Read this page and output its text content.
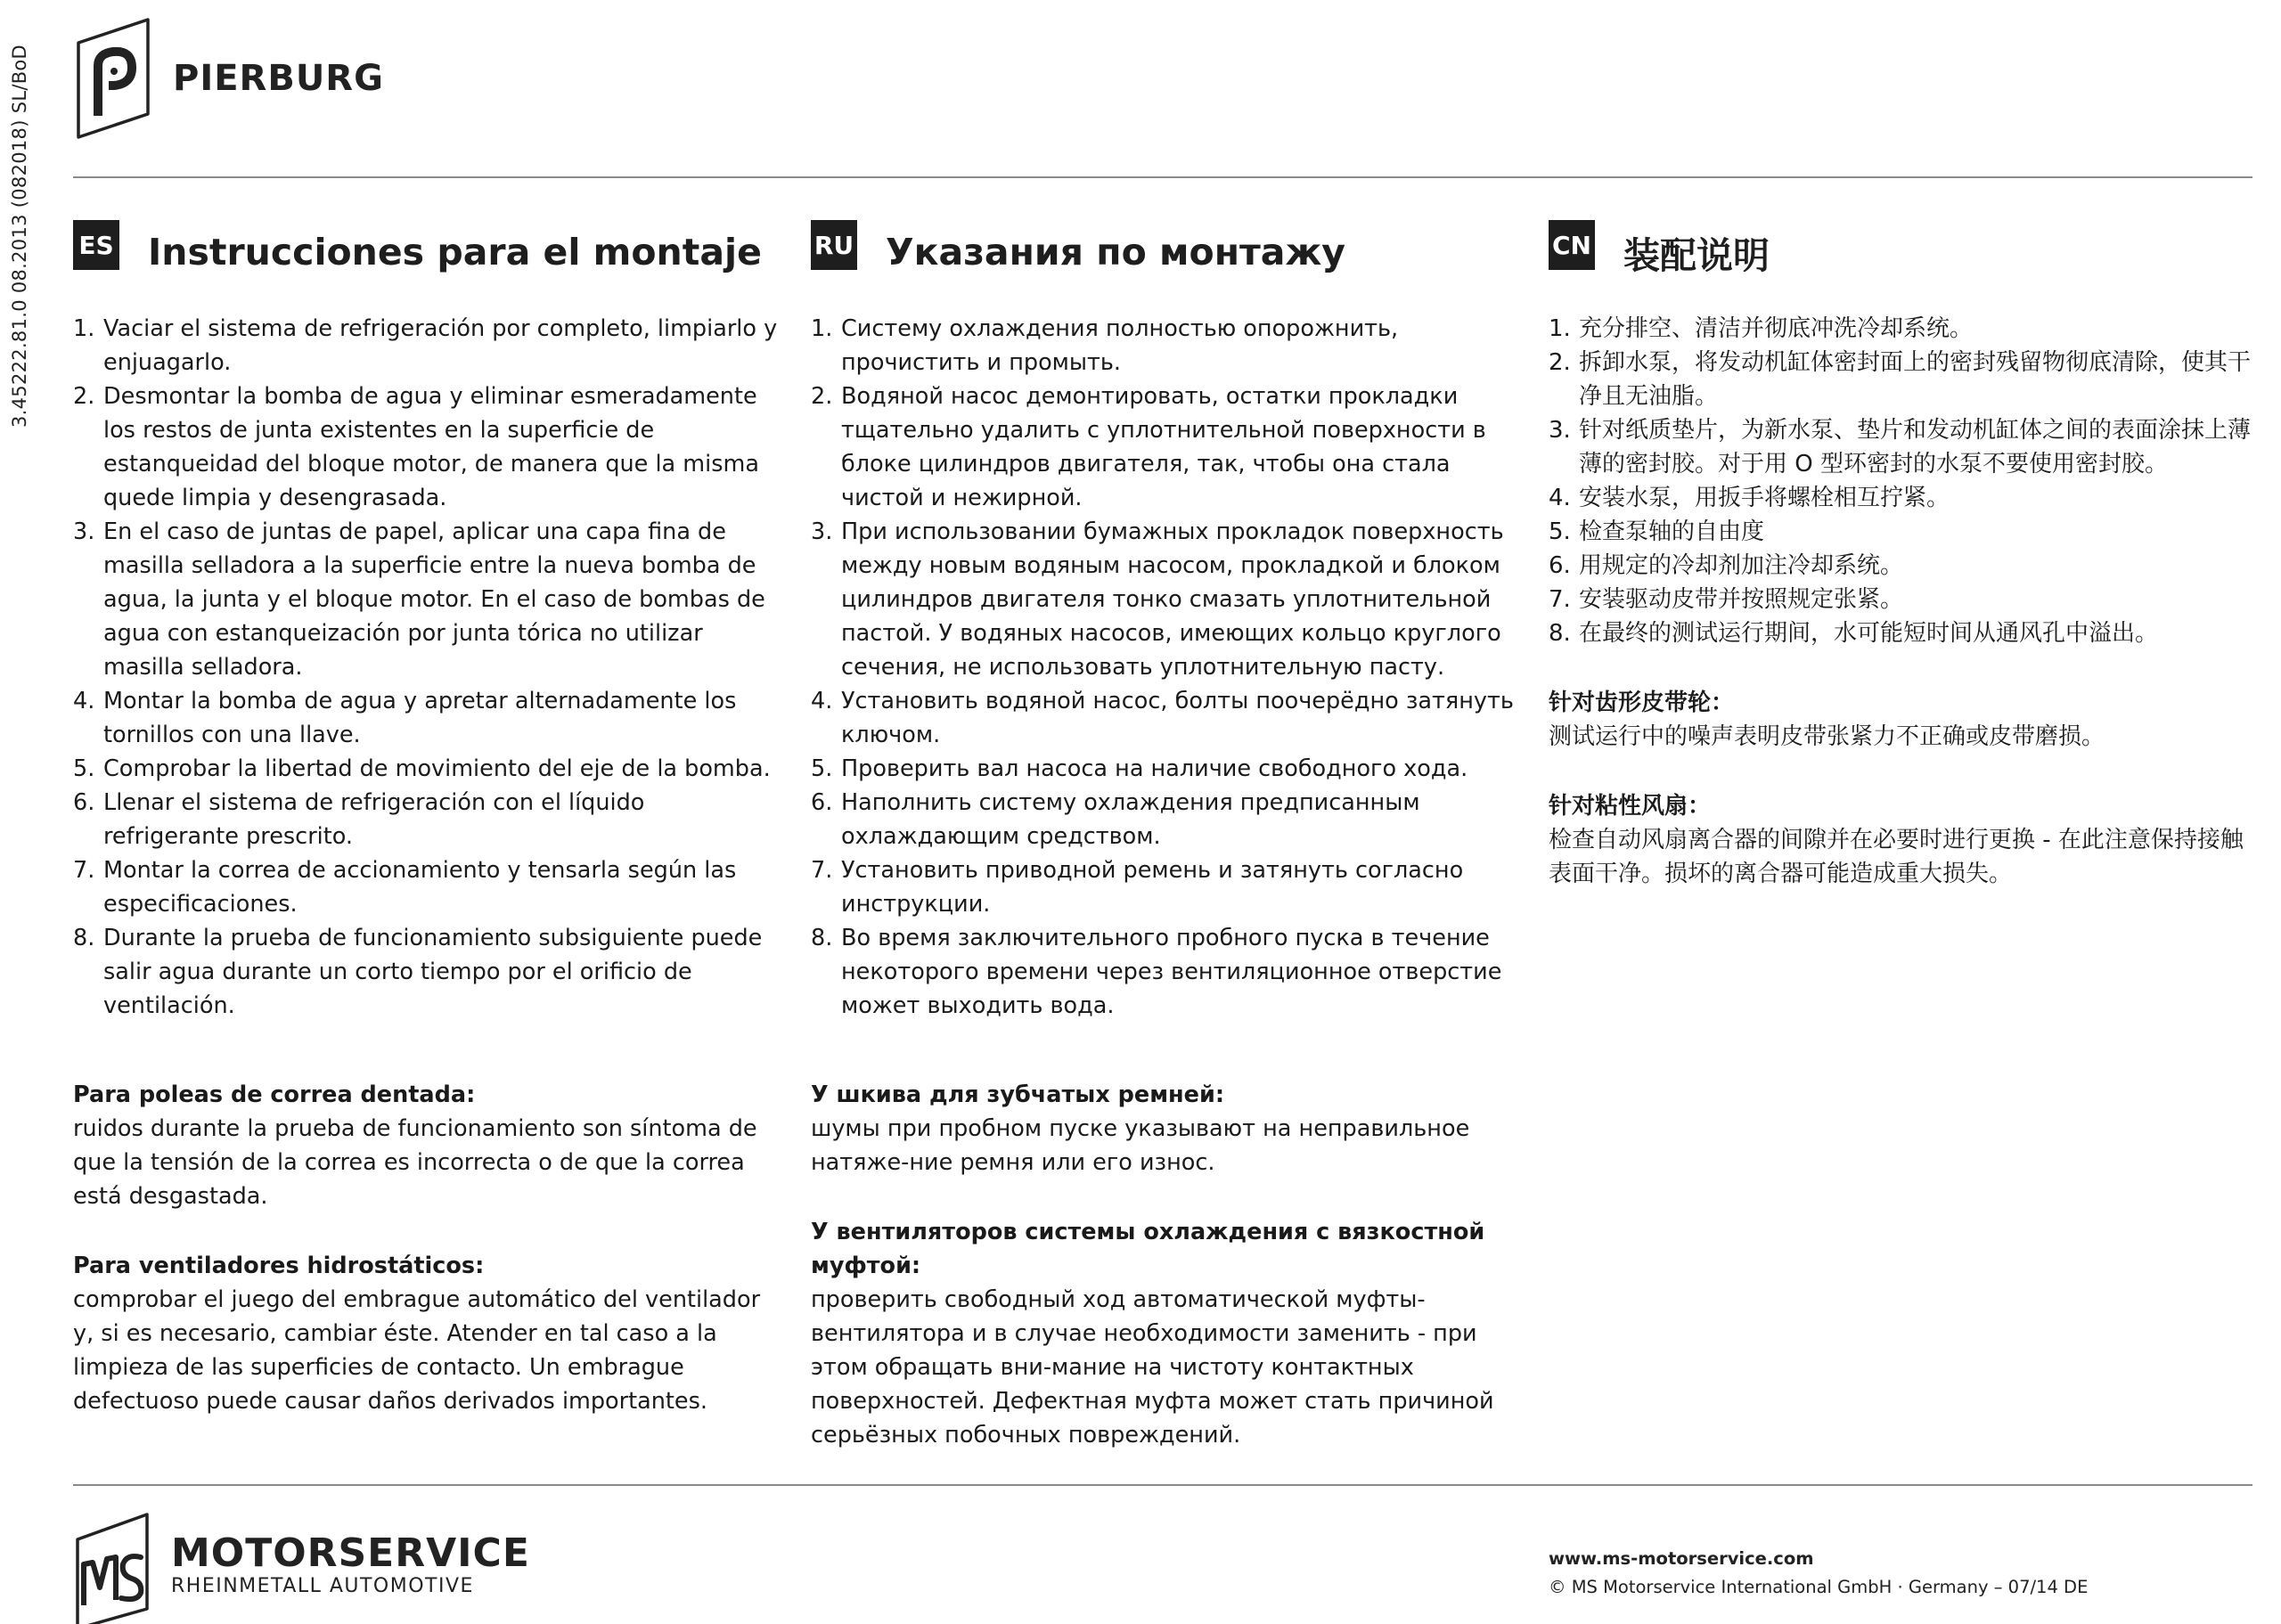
3.45222.81.0 08.2013 (082018) SL/BoD	PIERBURG
ES Instrucciones para el montaje
1. Vaciar el sistema de refrigeración por completo, limpiarlo y enjuagarlo.
2. Desmontar la bomba de agua y eliminar esmeradamente los restos de junta existentes en la superficie de estanqueidad del bloque motor, de manera que la misma quede limpia y desengrasada.
3. En el caso de juntas de papel, aplicar una capa fina de masilla selladora a la superficie entre la nueva bomba de agua, la junta y el bloque motor. En el caso de bombas de agua con estanqueización por junta tórica no utilizar masilla selladora.
4. Montar la bomba de agua y apretar alternadamente los tornillos con una llave.
5. Comprobar la libertad de movimiento del eje de la bomba.
6. Llenar el sistema de refrigeración con el líquido refrigerante prescrito.
7. Montar la correa de accionamiento y tensarla según las especificaciones.
8. Durante la prueba de funcionamiento subsiguiente puede salir agua durante un corto tiempo por el orificio de ventilación.
Para poleas de correa dentada:
ruidos durante la prueba de funcionamiento son síntoma de que la tensión de la correa es incorrecta o de que la correa está desgastada.
Para ventiladores hidrostáticos:
comprobar el juego del embrague automático del ventilador y, si es necesario, cambiar éste. Atender en tal caso a la limpieza de las superficies de contacto. Un embrague defectuoso puede causar daños derivados importantes.
RU Указания по монтажу
1. Систему охлаждения полностью опорожнить, прочистить и промыть.
2. Водяной насос демонтировать, остатки прокладки тщательно удалить с уплотнительной поверхности в блоке цилиндров двигателя, так, чтобы она стала чистой и нежирной.
3. При использовании бумажных прокладок поверхность между новым водяным насосом, прокладкой и блоком цилиндров двигателя тонко смазать уплотнительной пастой. У водяных насосов, имеющих кольцо круглого сечения, не использовать уплотнительную пасту.
4. Установить водяной насос, болты поочерёдно затянуть ключом.
5. Проверить вал насоса на наличие свободного хода.
6. Наполнить систему охлаждения предписанным охлаждающим средством.
7. Установить приводной ремень и затянуть согласно инструкции.
8. Во время заключительного пробного пуска в течение некоторого времени через вентиляционное отверстие может выходить вода.
У шкива для зубчатых ремней:
шумы при пробном пуске указывают на неправильное натяже-ние ремня или его износ.
У вентиляторов системы охлаждения с вязкостной муфтой:
проверить свободный ход автоматической муфты-вентилятора и в случае необходимости заменить - при этом обращать вни-мание на чистоту контактных поверхностей. Дефектная муфта может стать причиной серьёзных побочных повреждений.
CN 装配说明
1. 充分排空、清洁并彻底冲洗冷却系统。
2. 拆卸水泵，将发动机缸体密封面上的密封残留物彻底清除，使其干净且无油脂。
3. 针对纸质垫片，为新水泵、垫片和发动机缸体之间的表面涂抹上薄薄的密封胶。对于用 O 型环密封的水泵不要使用密封胶。
4. 安装水泵，用扳手将螺栓相互拧紧。
5. 检查泵轴的自由度
6. 用规定的冷却剂加注冷却系统。
7. 安装驱动皮带并按照规定张紧。
8. 在最终的测试运行期间，水可能短时间从通风孔中溢出。
针对齿形皮带轮：
测试运行中的噪声表明皮带张紧力不正确或皮带磨损。
针对粘性风扇：
检查自动风扇离合器的间隙并在必要时进行更换 - 在此注意保持接触表面干净。损坏的离合器可能造成重大损失。
MOTORSERVICE
RHEINMETALL AUTOMOTIVE
www.ms-motorservice.com
© MS Motorservice International GmbH · Germany – 07/14 DE
